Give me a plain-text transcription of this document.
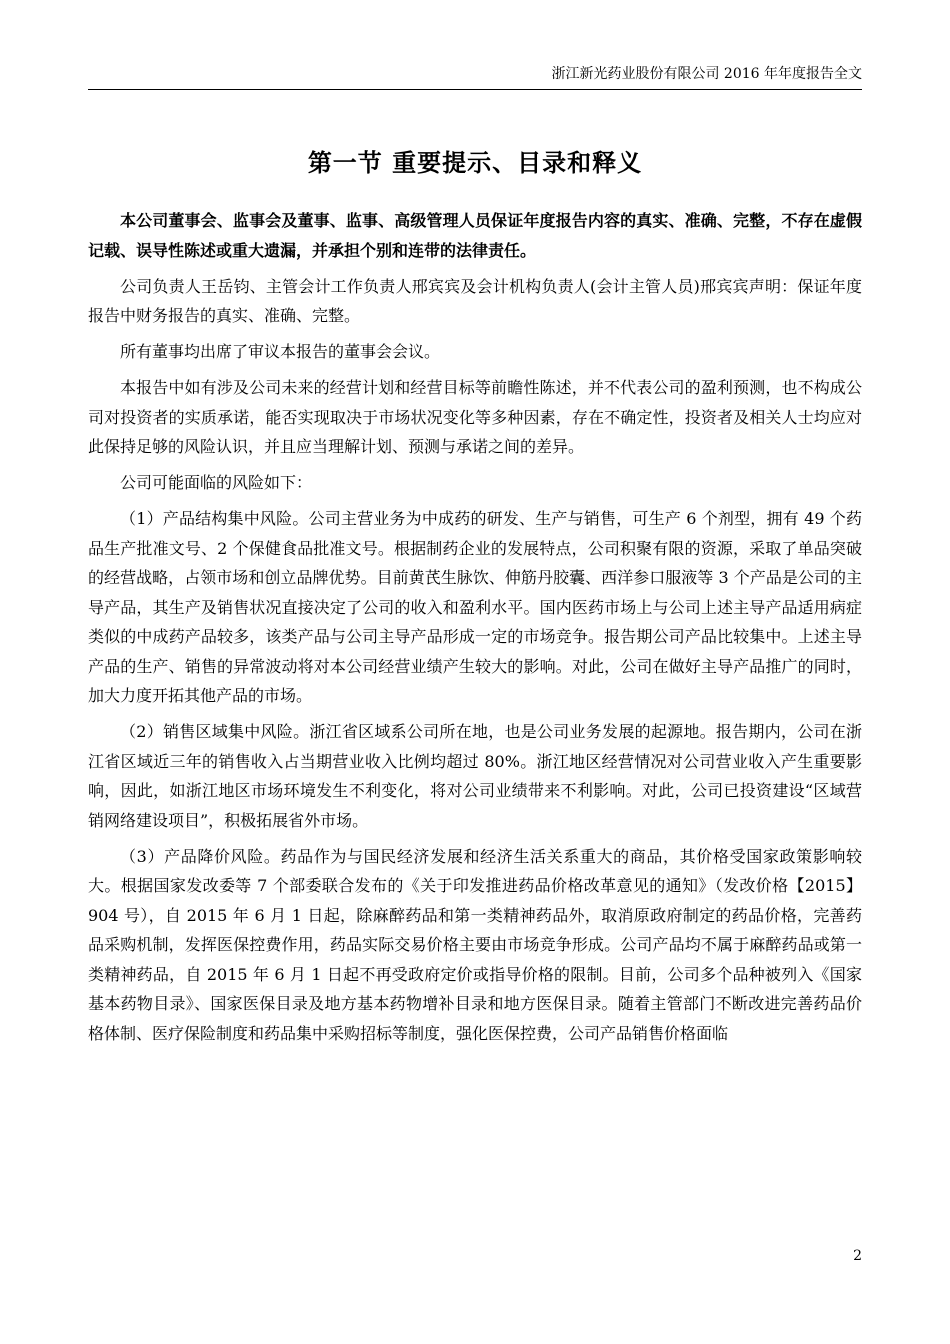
浙江新光药业股份有限公司 2016 年年度报告全文
第一节 重要提示、目录和释义

本公司董事会、监事会及董事、监事、高级管理人员保证年度报告内容的真实、准确、完整，不存在虚假记载、误导性陈述或重大遗漏，并承担个别和连带的法律责任。

公司负责人王岳钧、主管会计工作负责人邢宾宾及会计机构负责人(会计主管人员)邢宾宾声明：保证年度报告中财务报告的真实、准确、完整。

所有董事均出席了审议本报告的董事会会议。

本报告中如有涉及公司未来的经营计划和经营目标等前瞻性陈述，并不代表公司的盈利预测，也不构成公司对投资者的实质承诺，能否实现取决于市场状况变化等多种因素，存在不确定性，投资者及相关人士均应对此保持足够的风险认识，并且应当理解计划、预测与承诺之间的差异。

公司可能面临的风险如下：

（1）产品结构集中风险。公司主营业务为中成药的研发、生产与销售，可生产 6 个剂型，拥有 49 个药品生产批准文号、2 个保健食品批准文号。根据制药企业的发展特点，公司积聚有限的资源，采取了单品突破的经营战略，占领市场和创立品牌优势。目前黄芪生脉饮、伸筋丹胶囊、西洋参口服液等 3 个产品是公司的主导产品，其生产及销售状况直接决定了公司的收入和盈利水平。国内医药市场上与公司上述主导产品适用病症类似的中成药产品较多，该类产品与公司主导产品形成一定的市场竞争。报告期公司产品比较集中。上述主导产品的生产、销售的异常波动将对本公司经营业绩产生较大的影响。对此，公司在做好主导产品推广的同时，加大力度开拓其他产品的市场。

（2）销售区域集中风险。浙江省区域系公司所在地，也是公司业务发展的起源地。报告期内，公司在浙江省区域近三年的销售收入占当期营业收入比例均超过 80%。浙江地区经营情况对公司营业收入产生重要影响，因此，如浙江地区市场环境发生不利变化，将对公司业绩带来不利影响。对此，公司已投资建设“区域营销网络建设项目”，积极拓展省外市场。

（3）产品降价风险。药品作为与国民经济发展和经济生活关系重大的商品，其价格受国家政策影响较大。根据国家发改委等 7 个部委联合发布的《关于印发推进药品价格改革意见的通知》（发改价格【2015】904 号），自 2015 年 6 月 1 日起，除麻醉药品和第一类精神药品外，取消原政府制定的药品价格，完善药品采购机制，发挥医保控费作用，药品实际交易价格主要由市场竞争形成。公司产品均不属于麻醉药品或第一类精神药品，自 2015 年 6 月 1 日起不再受政府定价或指导价格的限制。目前，公司多个品种被列入《国家基本药物目录》、国家医保目录及地方基本药物增补目录和地方医保目录。随着主管部门不断改进完善药品价格体制、医疗保险制度和药品集中采购招标等制度，强化医保控费，公司产品销售价格面临

2
